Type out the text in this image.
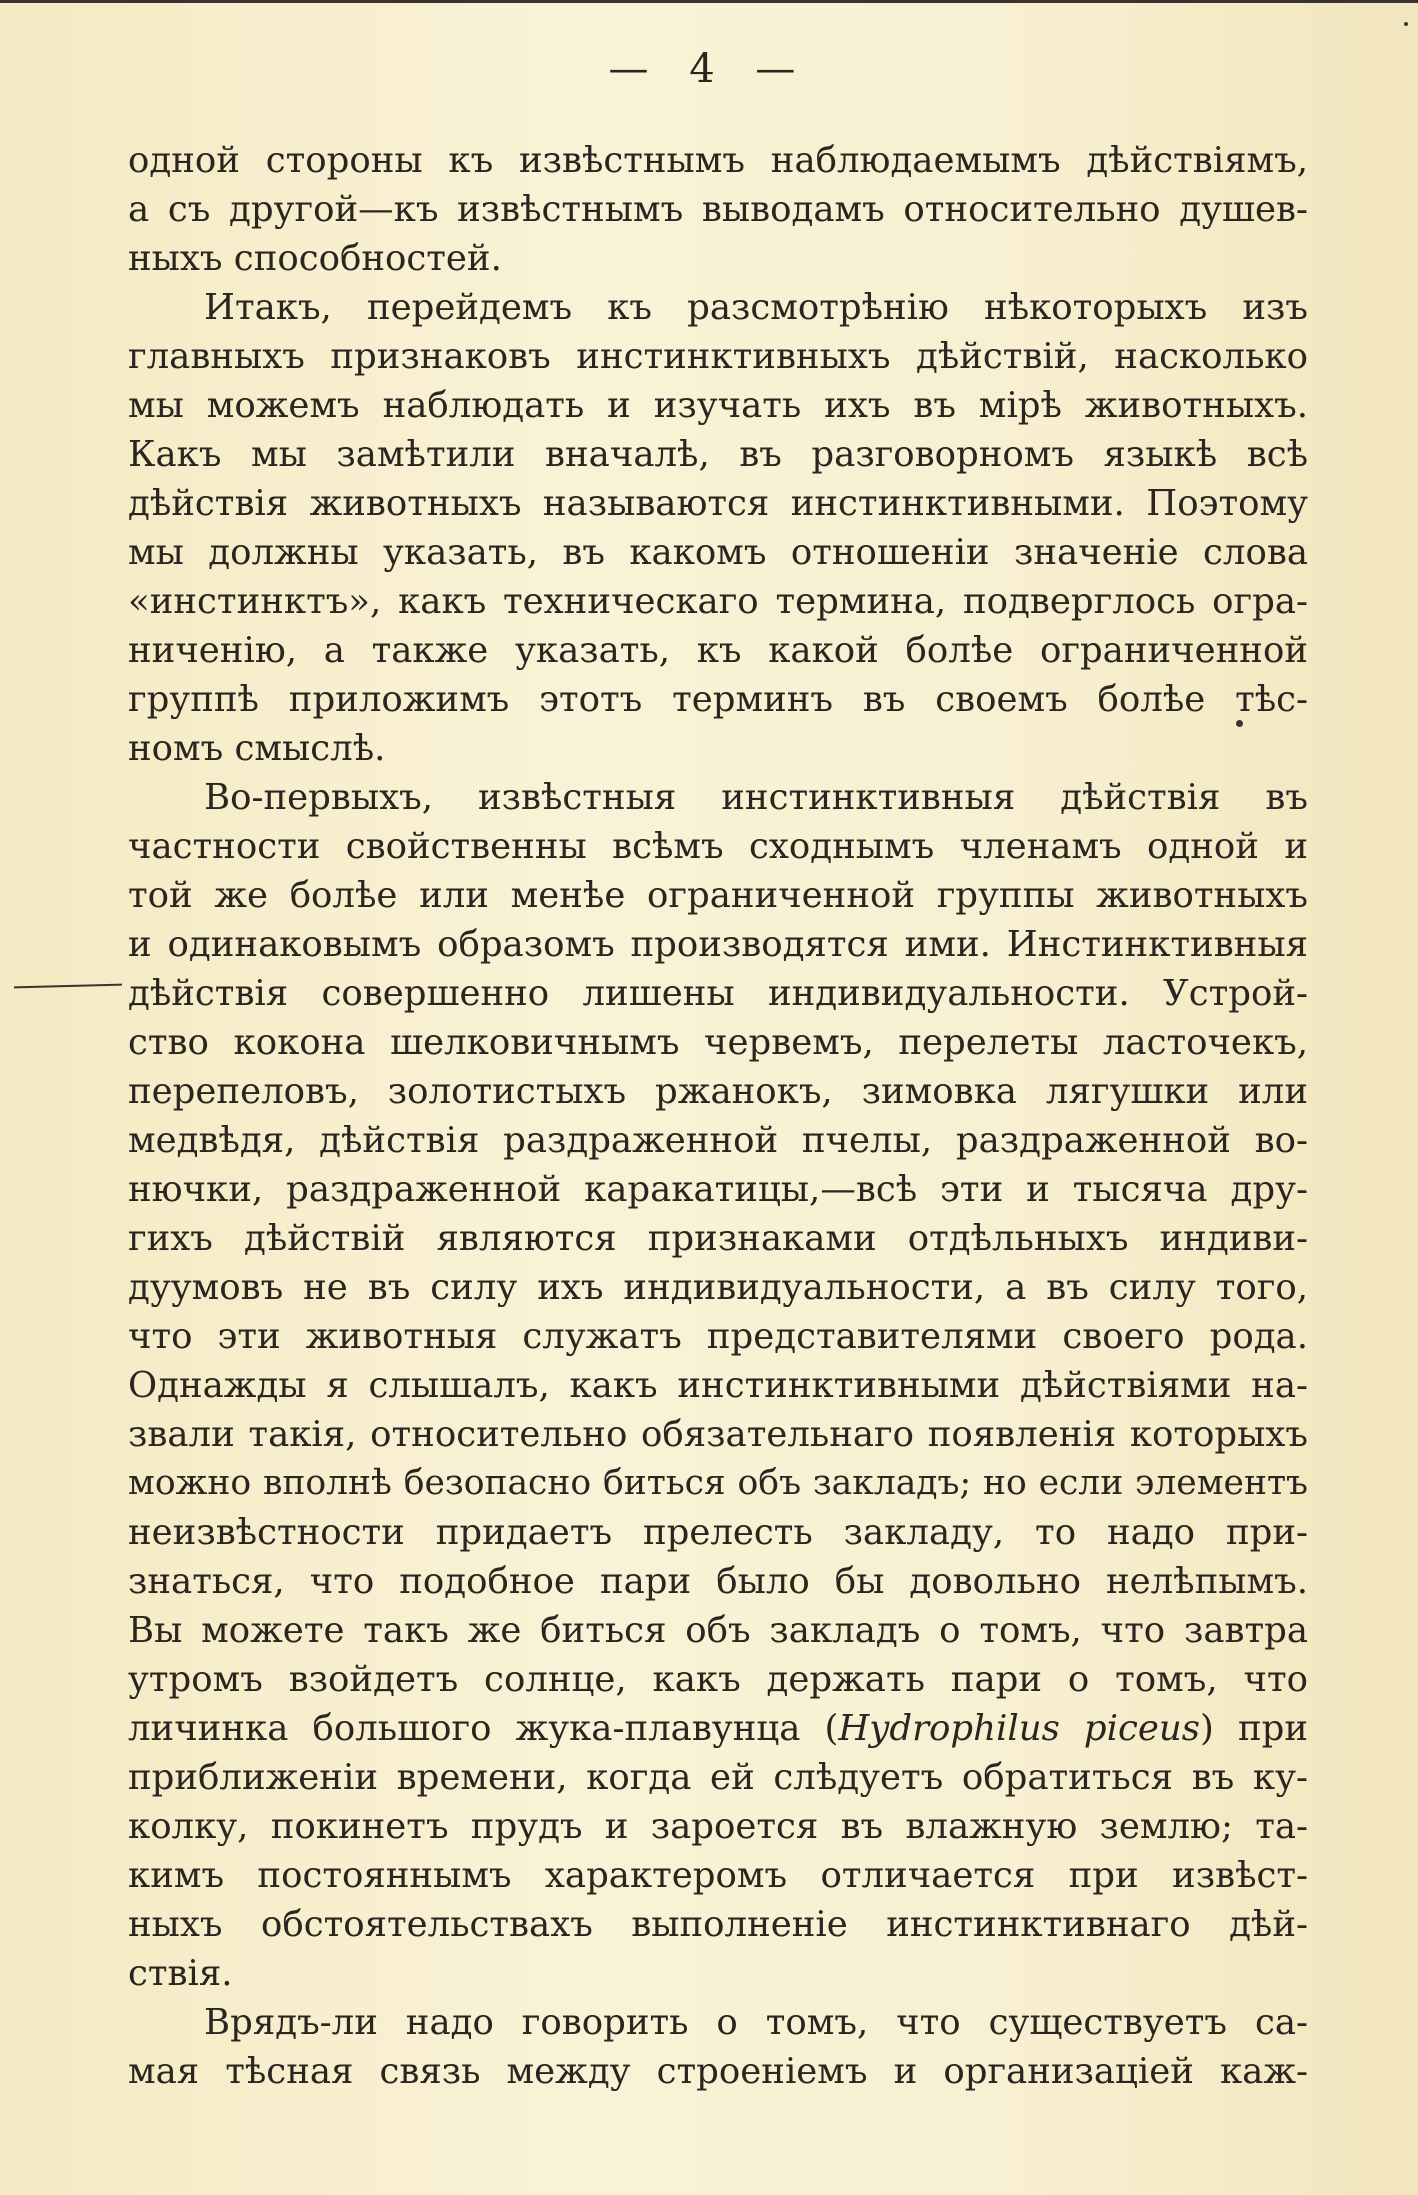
— 4 —
одной стороны къ извѣстнымъ наблюдаемымъ дѣйствіямъ,
а съ другой—къ извѣстнымъ выводамъ относительно душев-
ныхъ способностей.
Итакъ, перейдемъ къ разсмотрѣнію нѣкоторыхъ изъ
главныхъ признаковъ инстинктивныхъ дѣйствій, насколько
мы можемъ наблюдать и изучать ихъ въ мірѣ животныхъ.
Какъ мы замѣтили вначалѣ, въ разговорномъ языкѣ всѣ
дѣйствія животныхъ называются инстинктивными. Поэтому
мы должны указать, въ какомъ отношеніи значеніе слова
«инстинктъ», какъ техническаго термина, подверглось огра-
ниченію, а также указать, къ какой болѣе ограниченной
группѣ приложимъ этотъ терминъ въ своемъ болѣе тѣс-
номъ смыслѣ.
Во-первыхъ, извѣстныя инстинктивныя дѣйствія въ
частности свойственны всѣмъ сходнымъ членамъ одной и
той же болѣе или менѣе ограниченной группы животныхъ
и одинаковымъ образомъ производятся ими. Инстинктивныя
дѣйствія совершенно лишены индивидуальности. Устрой-
ство кокона шелковичнымъ червемъ, перелеты ласточекъ,
перепеловъ, золотистыхъ ржанокъ, зимовка лягушки или
медвѣдя, дѣйствія раздраженной пчелы, раздраженной во-
нючки, раздраженной каракатицы,—всѣ эти и тысяча дру-
гихъ дѣйствій являются признаками отдѣльныхъ индиви-
дуумовъ не въ силу ихъ индивидуальности, а въ силу того,
что эти животныя служатъ представителями своего рода.
Однажды я слышалъ, какъ инстинктивными дѣйствіями на-
звали такія, относительно обязательнаго появленія которыхъ
можно вполнѣ безопасно биться объ закладъ; но если элементъ
неизвѣстности придаетъ прелесть закладу, то надо при-
знаться, что подобное пари было бы довольно нелѣпымъ.
Вы можете такъ же биться объ закладъ о томъ, что завтра
утромъ взойдетъ солнце, какъ держать пари о томъ, что
личинка большого жука-плавунца (Hydrophilus piceus) при
приближеніи времени, когда ей слѣдуетъ обратиться въ ку-
колку, покинетъ прудъ и зароется въ влажную землю; та-
кимъ постояннымъ характеромъ отличается при извѣст-
ныхъ обстоятельствахъ выполненіе инстинктивнаго дѣй-
ствія.
Врядъ-ли надо говорить о томъ, что существуетъ са-
мая тѣсная связь между строеніемъ и организаціей каж-
